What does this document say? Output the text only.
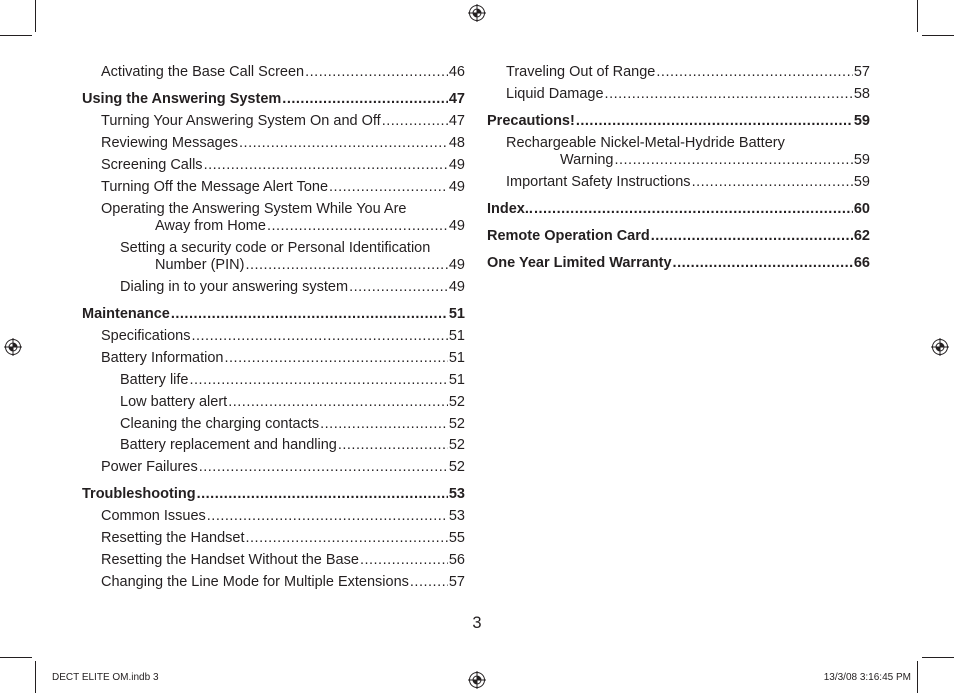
Activating the Base Call Screen .....	46
Using the Answering System .....	47
Turning Your Answering System On and Off .....	47
Reviewing Messages .....	48
Screening Calls .....	49
Turning Off the Message Alert Tone .....	49
Operating the Answering System While You Are
Away from Home .....	49
Setting a security code or Personal Identification
Number (PIN) .....	49
Dialing in to your answering system .....	49
Maintenance .....	51
Specifications .....	51
Battery Information .....	51
Battery life .....	51
Low battery alert .....	52
Cleaning the charging contacts .....	52
Battery replacement and handling .....	52
Power Failures .....	52
Troubleshooting .....	53
Common Issues .....	53
Resetting the Handset .....	55
Resetting the Handset Without the Base .....	56
Changing the Line Mode for Multiple Extensions .....	57
Traveling Out of Range .....	57
Liquid Damage .....	58
Precautions! .....	59
Rechargeable Nickel-Metal-Hydride Battery
Warning .....	59
Important Safety Instructions .....	59
Index.. .....	60
Remote Operation Card .....	62
One Year Limited Warranty .....	66
3
DECT ELITE OM.indb 3	13/3/08 3:16:45 PM
